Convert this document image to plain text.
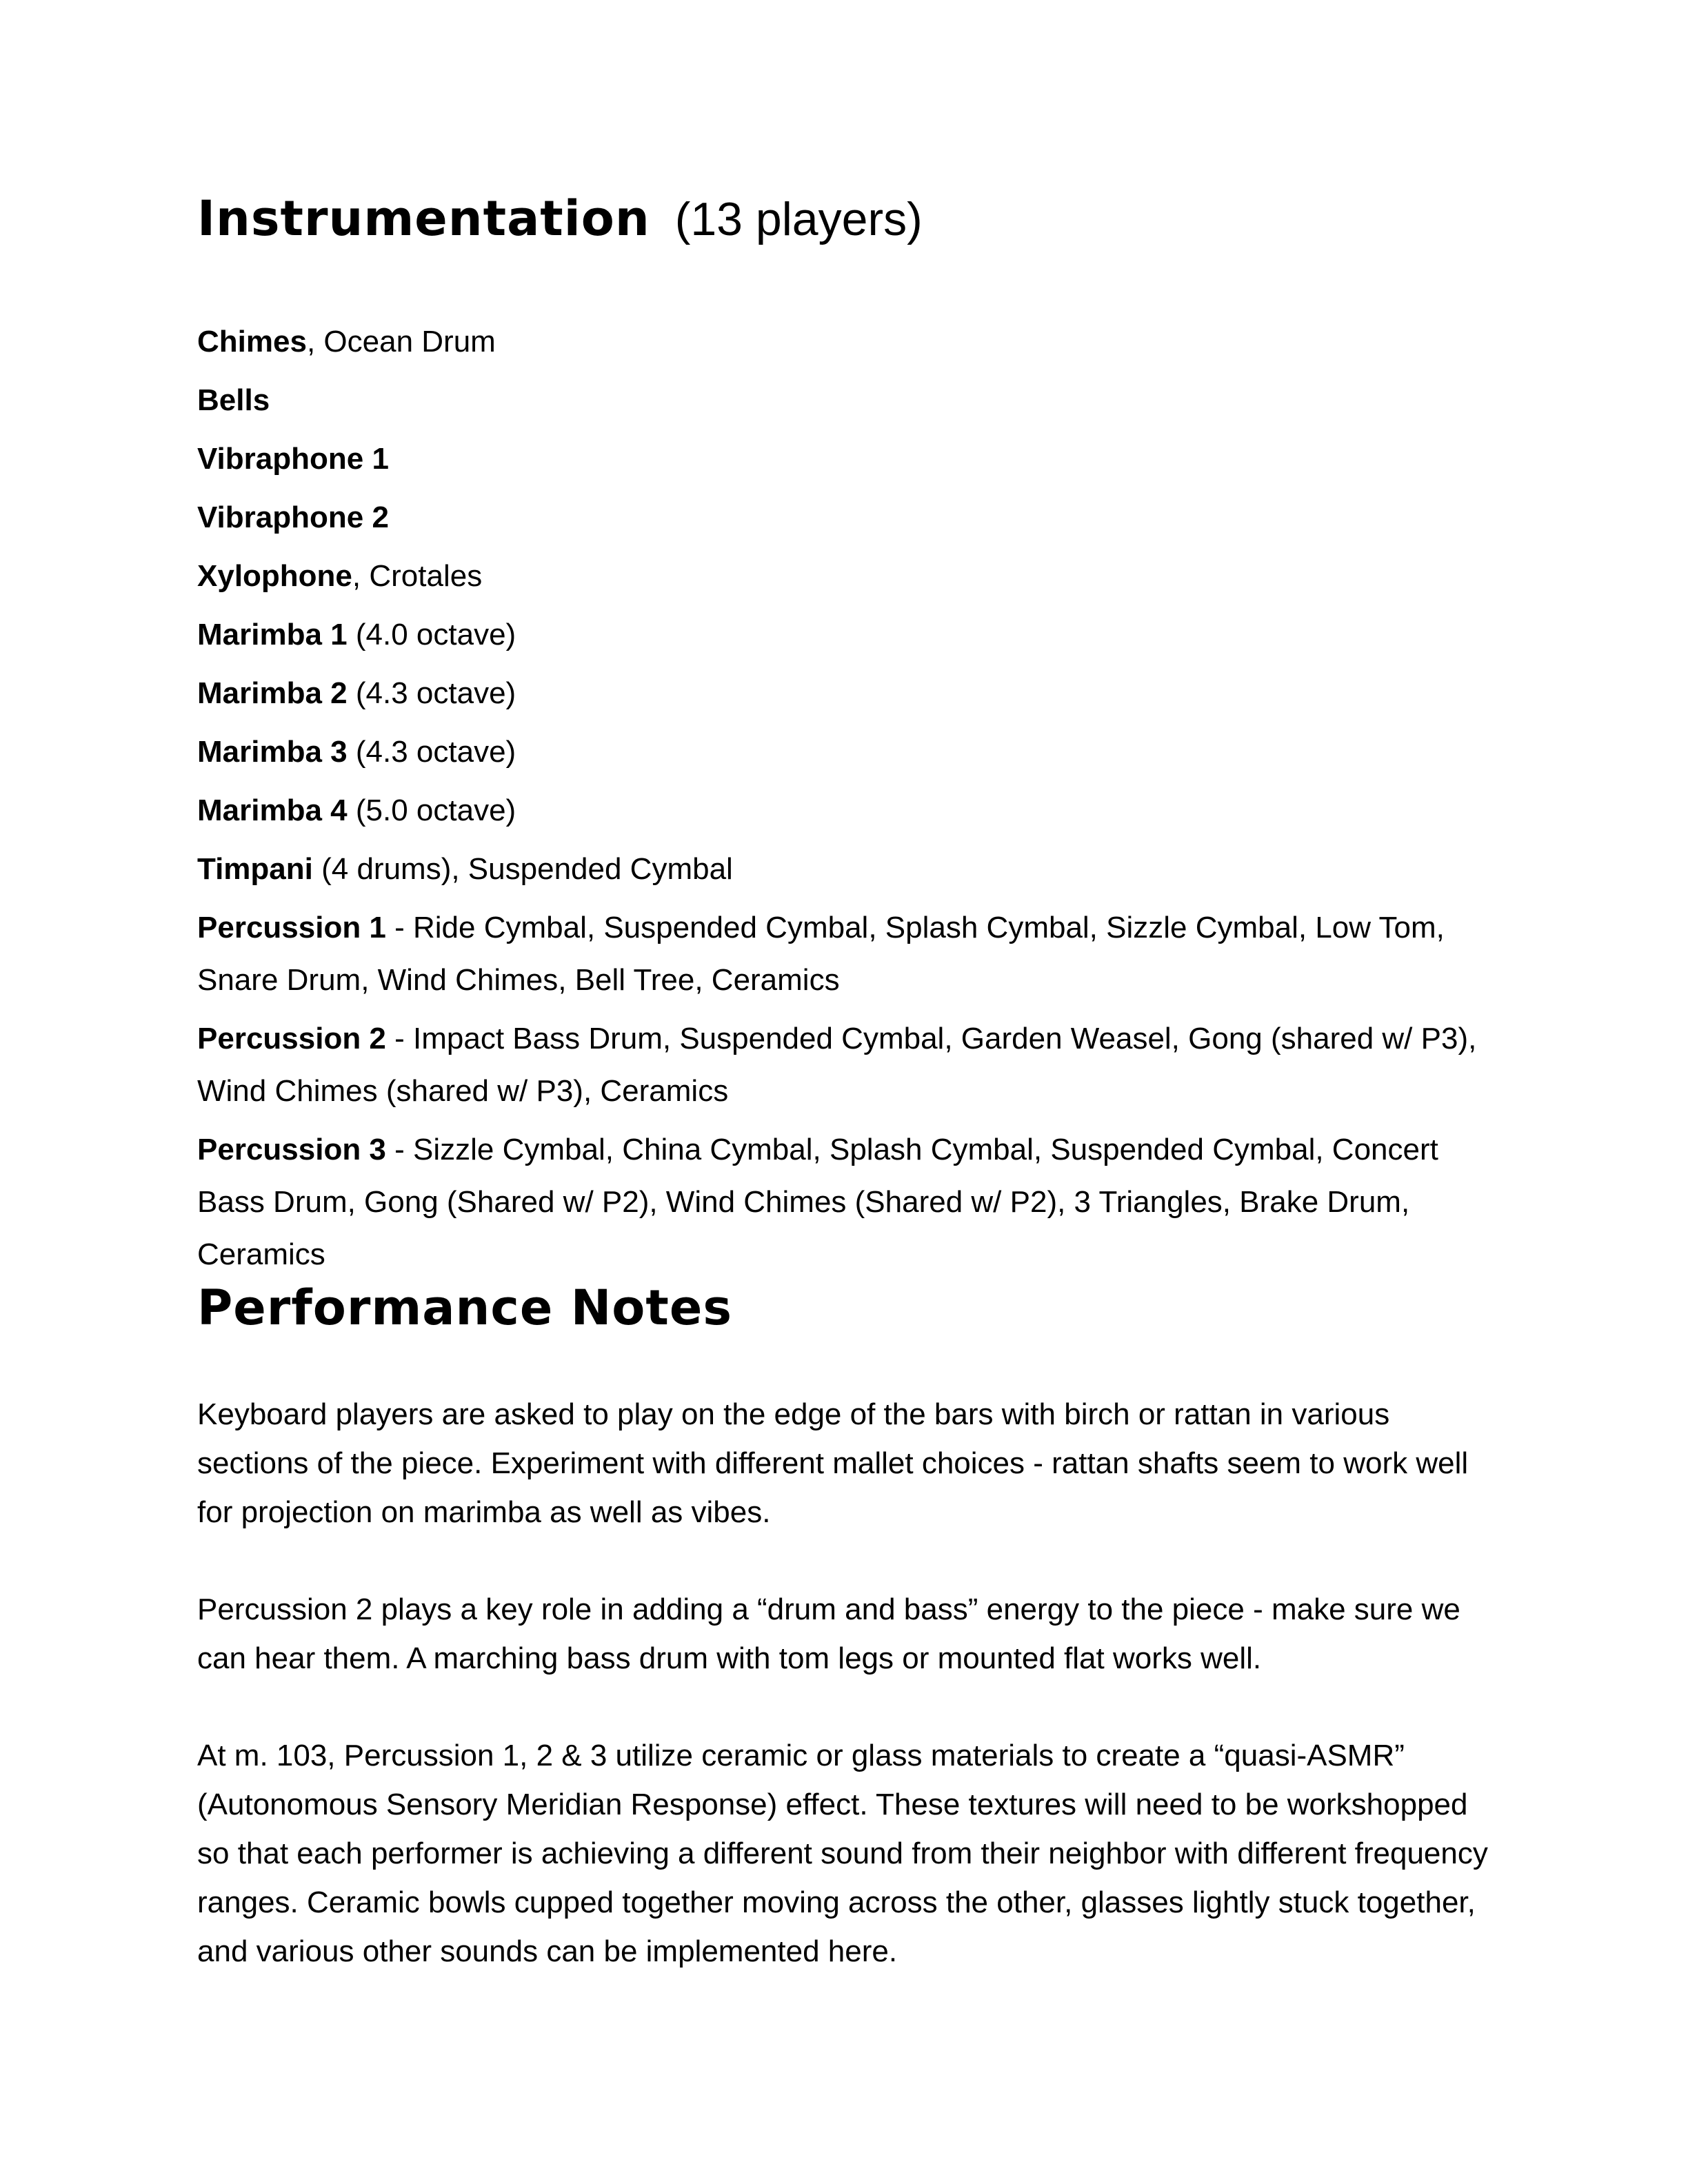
Instrumentation (13 players)
Chimes, Ocean Drum
Bells
Vibraphone 1
Vibraphone 2
Xylophone, Crotales
Marimba 1 (4.0 octave)
Marimba 2 (4.3 octave)
Marimba 3 (4.3 octave)
Marimba 4 (5.0 octave)
Timpani (4 drums), Suspended Cymbal
Percussion 1 - Ride Cymbal, Suspended Cymbal, Splash Cymbal, Sizzle Cymbal, Low Tom, Snare Drum, Wind Chimes, Bell Tree, Ceramics
Percussion 2 - Impact Bass Drum, Suspended Cymbal, Garden Weasel, Gong (shared w/ P3), Wind Chimes (shared w/ P3), Ceramics
Percussion 3 - Sizzle Cymbal, China Cymbal, Splash Cymbal, Suspended Cymbal, Concert Bass Drum, Gong (Shared w/ P2), Wind Chimes (Shared w/ P2), 3 Triangles, Brake Drum, Ceramics
Performance Notes

Keyboard players are asked to play on the edge of the bars with birch or rattan in various sections of the piece. Experiment with different mallet choices - rattan shafts seem to work well for projection on marimba as well as vibes.

Percussion 2 plays a key role in adding a “drum and bass” energy to the piece - make sure we can hear them. A marching bass drum with tom legs or mounted flat works well.

At m. 103, Percussion 1, 2 & 3 utilize ceramic or glass materials to create a “quasi-ASMR” (Autonomous Sensory Meridian Response) effect. These textures will need to be workshopped so that each performer is achieving a different sound from their neighbor with different frequency ranges. Ceramic bowls cupped together moving across the other, glasses lightly stuck together, and various other sounds can be implemented here.
